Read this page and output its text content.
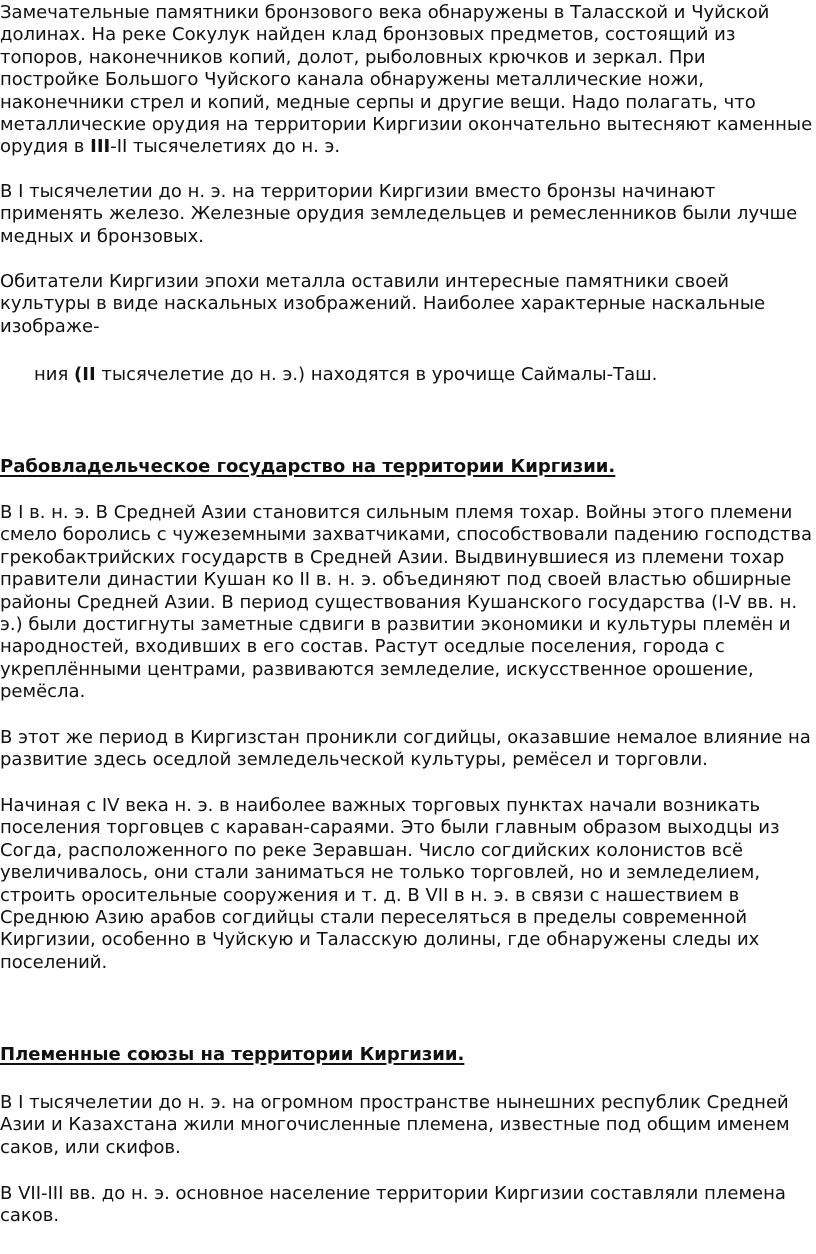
Замечательные памятники бронзового века обнаружены в Таласской и Чуйской
долинах. На реке Сокулук найден клад бронзовых предметов, состоящий из
топоров, наконечников копий, долот, рыболовных крючков и зеркал. При
постройке Большого Чуйского канала обнаружены металлические ножи,
наконечники стрел и копий, медные серпы и другие вещи. Надо полагать, что
металлические орудия на территории Киргизии окончательно вытесняют каменные
орудия в III-II тысячелетиях до н. э.
В I тысячелетии до н. э. на территории Киргизии вместо бронзы начинают
применять железо. Железные орудия земледельцев и ремесленников были лучше
медных и бронзовых.
Обитатели Киргизии эпохи металла оставили интересные памятники своей
культуры в виде наскальных изображений. Наиболее характерные наскальные
изображе-
ния (II тысячелетие до н. э.) находятся в урочище Саймалы-Таш.
Рабовладельческое государство на территории Киргизии.
В I в. н. э. В Средней Азии становится сильным племя тохар. Войны этого племени
смело боролись с чужеземными захватчиками, способствовали падению господства
грекобактрийских государств в Средней Азии. Выдвинувшиеся из племени тохар
правители династии Кушан ко II в. н. э. объединяют под своей властью обширные
районы Средней Азии. В период существования Кушанского государства (I-V вв. н.
э.) были достигнуты заметные сдвиги в развитии экономики и культуры племён и
народностей, входивших в его состав. Растут оседлые поселения, города с
укреплёнными центрами, развиваются земледелие, искусственное орошение,
ремёсла.
В этот же период в Киргизстан проникли согдийцы, оказавшие немалое влияние на
развитие здесь оседлой земледельческой культуры, ремёсел и торговли.
Начиная с IV века н. э. в наиболее важных торговых пунктах начали возникать
поселения торговцев с караван-сараями. Это были главным образом выходцы из
Согда, расположенного по реке Зеравшан. Число согдийских колонистов всё
увеличивалось, они стали заниматься не только торговлей, но и земледелием,
строить оросительные сооружения и т. д. В VII в н. э. в связи с нашествием в
Среднюю Азию арабов согдийцы стали переселяться в пределы современной
Киргизии, особенно в Чуйскую и Таласскую долины, где обнаружены следы их
поселений.
Племенные союзы на территории Киргизии.
В I тысячелетии до н. э. на огромном пространстве нынешних республик Средней
Азии и Казахстана жили многочисленные племена, известные под общим именем
саков, или скифов.
В VII-III вв. до н. э. основное население территории Киргизии составляли племена
саков.
